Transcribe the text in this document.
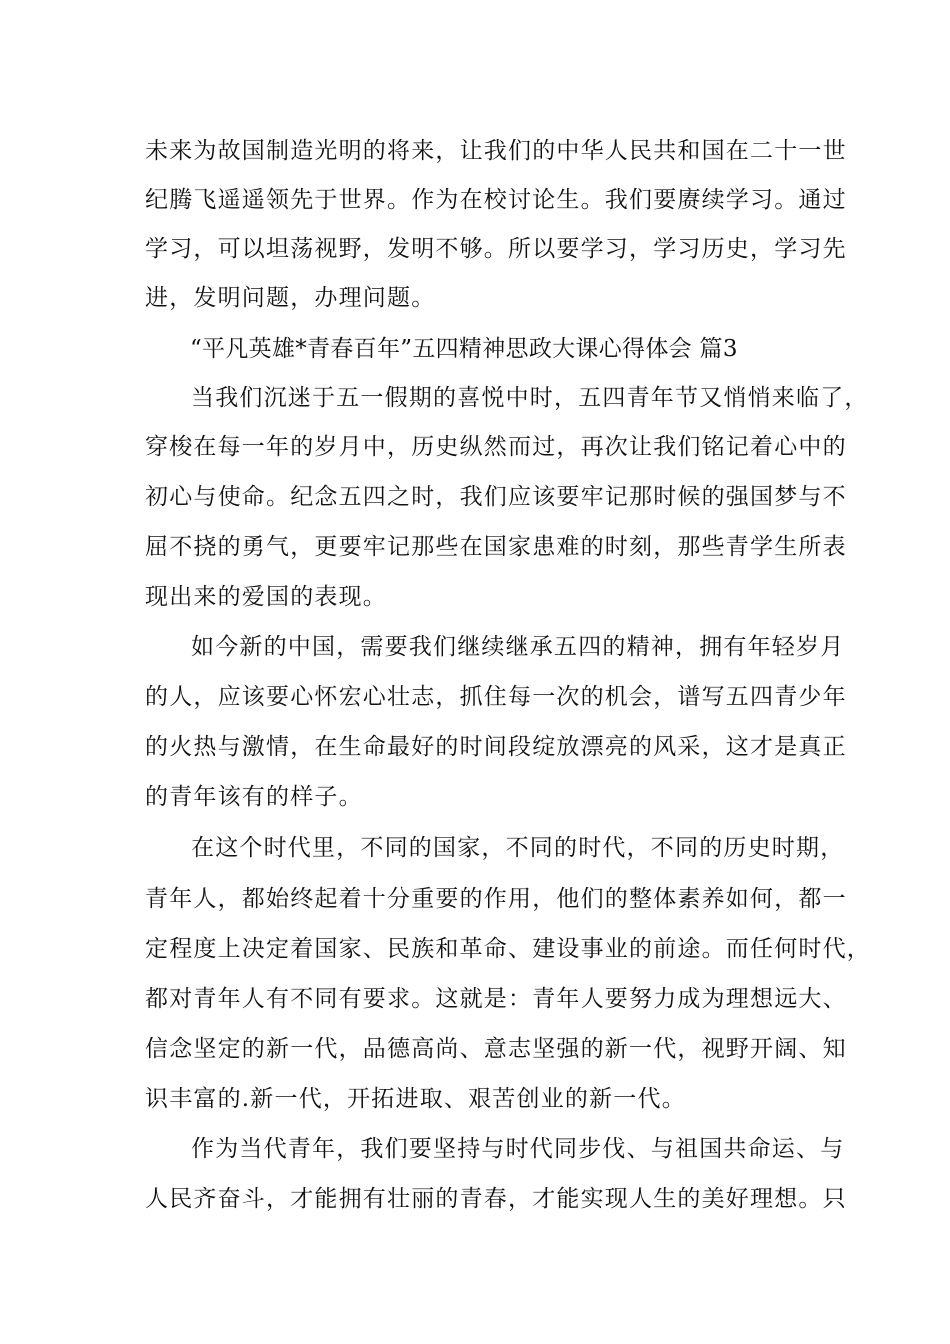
未来为故国制造光明的将来，让我们的中华人民共和国在二十一世
纪腾飞遥遥领先于世界。作为在校讨论生。我们要赓续学习。通过
学习，可以坦荡视野，发明不够。所以要学习，学习历史，学习先
进，发明问题，办理问题。
“平凡英雄*青春百年”五四精神思政大课心得体会 篇3
当我们沉迷于五一假期的喜悦中时，五四青年节又悄悄来临了，
穿梭在每一年的岁月中，历史纵然而过，再次让我们铭记着心中的
初心与使命。纪念五四之时，我们应该要牢记那时候的强国梦与不
屈不挠的勇气，更要牢记那些在国家患难的时刻，那些青学生所表
现出来的爱国的表现。
如今新的中国，需要我们继续继承五四的精神，拥有年轻岁月
的人，应该要心怀宏心壮志，抓住每一次的机会，谱写五四青少年
的火热与激情，在生命最好的时间段绽放漂亮的风采，这才是真正
的青年该有的样子。
在这个时代里，不同的国家，不同的时代，不同的历史时期，
青年人，都始终起着十分重要的作用，他们的整体素养如何，都一
定程度上决定着国家、民族和革命、建设事业的前途。而任何时代，
都对青年人有不同有要求。这就是：青年人要努力成为理想远大、
信念坚定的新一代，品德高尚、意志坚强的新一代，视野开阔、知
识丰富的.新一代，开拓进取、艰苦创业的新一代。
作为当代青年，我们要坚持与时代同步伐、与祖国共命运、与
人民齐奋斗，才能拥有壮丽的青春，才能实现人生的美好理想。只
